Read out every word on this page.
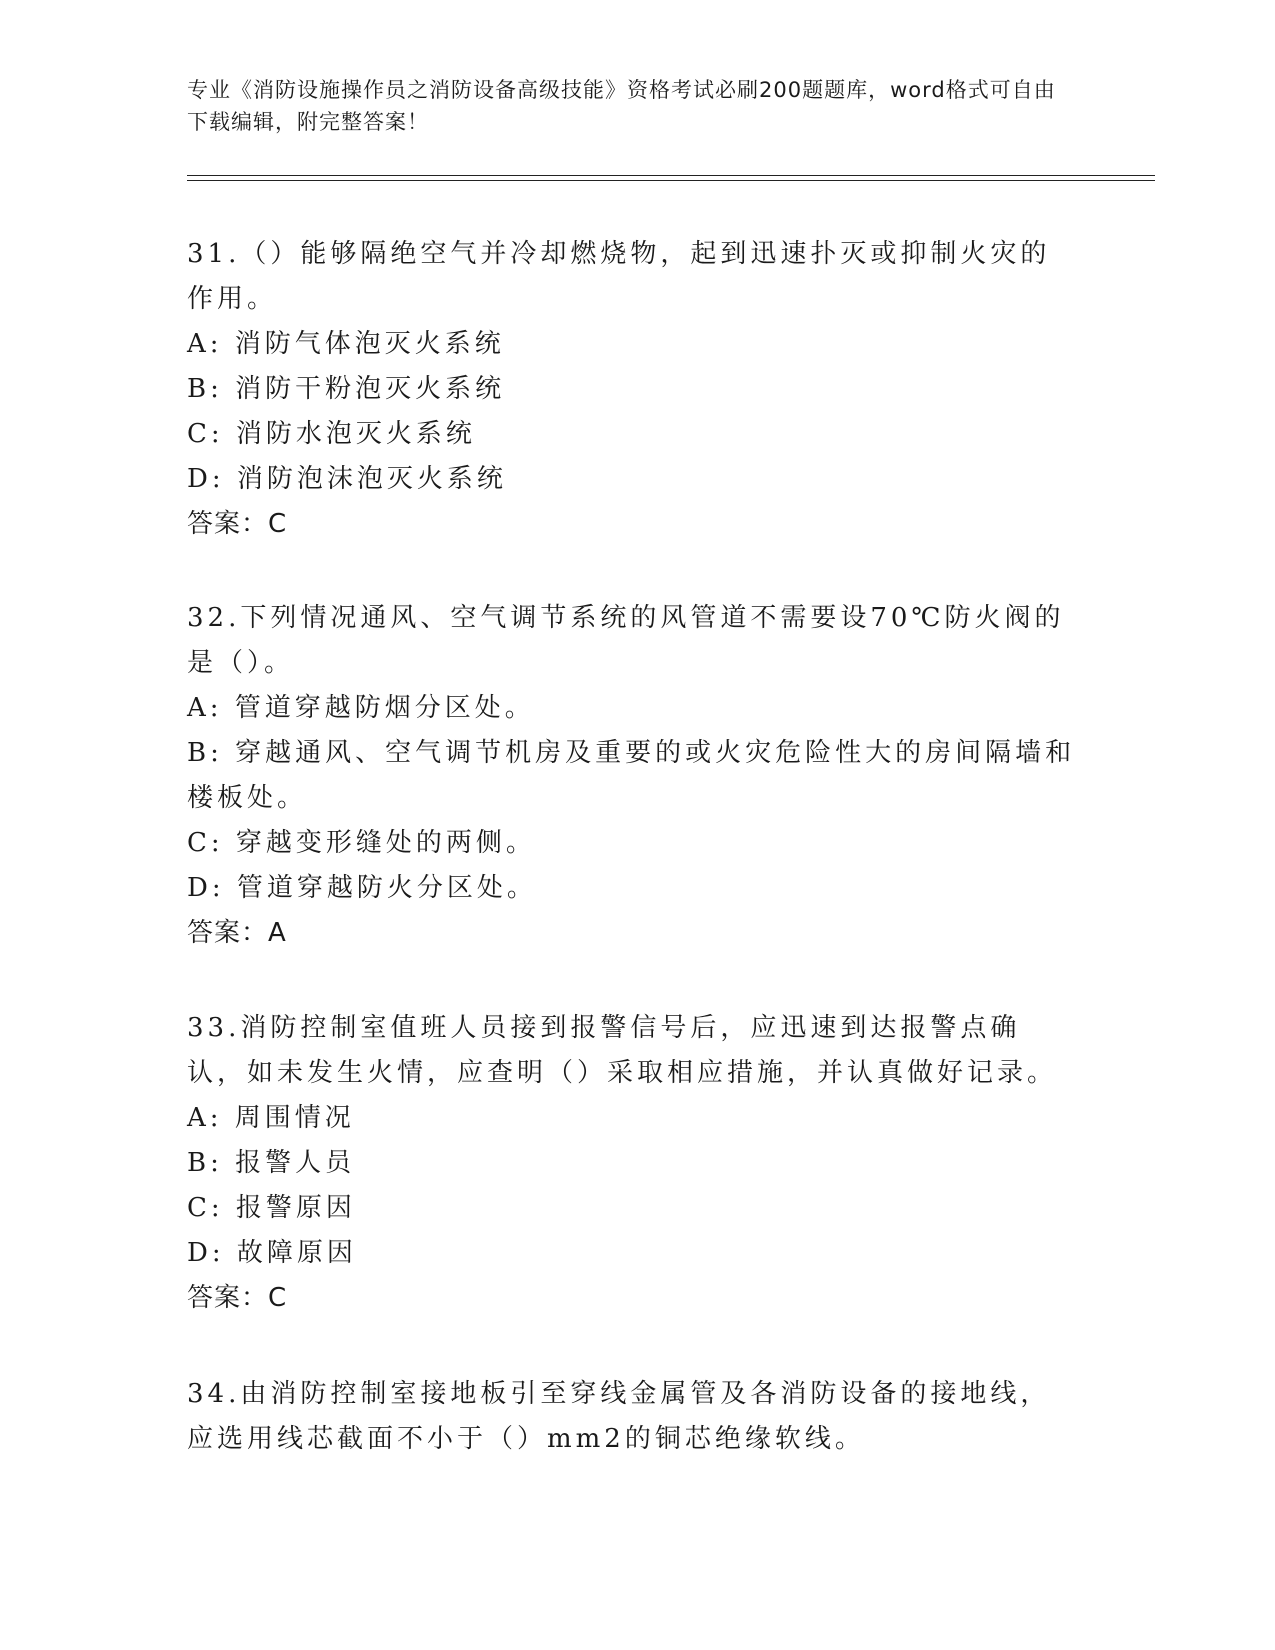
专业《消防设施操作员之消防设备高级技能》资格考试必刷200题题库，word格式可自由下载编辑，附完整答案！
31.（）能够隔绝空气并冷却燃烧物，起到迅速扑灭或抑制火灾的作用。
A: 消防气体泡灭火系统
B: 消防干粉泡灭火系统
C: 消防水泡灭火系统
D: 消防泡沫泡灭火系统
答案：C
32.下列情况通风、空气调节系统的风管道不需要设70℃防火阀的是（）。
A: 管道穿越防烟分区处。
B: 穿越通风、空气调节机房及重要的或火灾危险性大的房间隔墙和楼板处。
C: 穿越变形缝处的两侧。
D: 管道穿越防火分区处。
答案：A
33.消防控制室值班人员接到报警信号后，应迅速到达报警点确认，如未发生火情，应查明（）采取相应措施，并认真做好记录。
A: 周围情况
B: 报警人员
C: 报警原因
D: 故障原因
答案：C
34.由消防控制室接地板引至穿线金属管及各消防设备的接地线，应选用线芯截面不小于（）mm2的铜芯绝缘软线。
